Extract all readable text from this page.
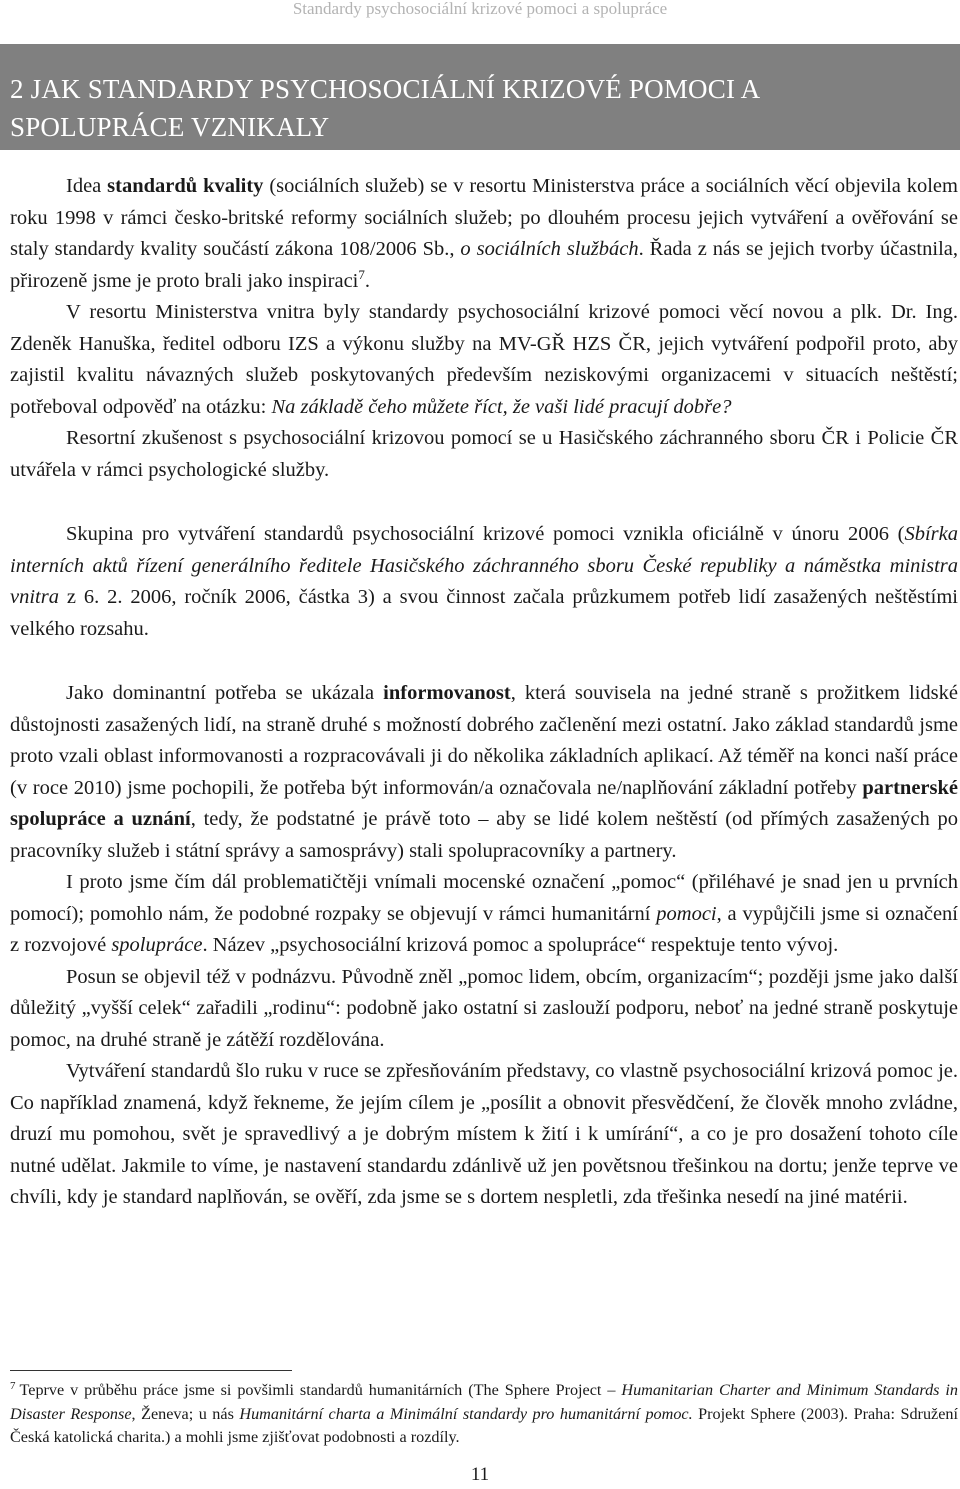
Standardy psychosociální krizové pomoci a spolupráce
2 JAK STANDARDY PSYCHOSOCIÁLNÍ KRIZOVÉ POMOCI A
SPOLUPRÁCE VZNIKALY

Idea standardů kvality (sociálních služeb) se v resortu Ministerstva práce a sociálních věcí objevila kolem roku 1998 v rámci česko-britské reformy sociálních služeb; po dlouhém procesu jejich vytváření a ověřování se staly standardy kvality součástí zákona 108/2006 Sb., o sociálních službách. Řada z nás se jejich tvorby účastnila, přirozeně jsme je proto brali jako inspiraci$^7$.

V resortu Ministerstva vnitra byly standardy psychosociální krizové pomoci věcí novou a plk. Dr. Ing. Zdeněk Hanuška, ředitel odboru IZS a výkonu služby na MV-GŘ HZS ČR, jejich vytváření podpořil proto, aby zajistil kvalitu návazných služeb poskytovaných především neziskovými organizacemi v situacích neštěstí; potřeboval odpověď na otázku: Na základě čeho můžete říct, že vaši lidé pracují dobře?

Resortní zkušenost s psychosociální krizovou pomocí se u Hasičského záchranného sboru ČR i Policie ČR utvářela v rámci psychologické služby.

Skupina pro vytváření standardů psychosociální krizové pomoci vznikla oficiálně v únoru 2006 (Sbírka interních aktů řízení generálního ředitele Hasičského záchranného sboru České republiky a náměstka ministra vnitra z 6. 2. 2006, ročník 2006, částka 3) a svou činnost začala průzkumem potřeb lidí zasažených neštěstími velkého rozsahu.

Jako dominantní potřeba se ukázala informovanost, která souvisela na jedné straně s prožitkem lidské důstojnosti zasažených lidí, na straně druhé s možností dobrého začlenění mezi ostatní. Jako základ standardů jsme proto vzali oblast informovanosti a rozpracovávali ji do několika základních aplikací. Až téměř na konci naší práce (v roce 2010) jsme pochopili, že potřeba být informován/a označovala ne/naplňování základní potřeby partnerské spolupráce a uznání, tedy, že podstatné je právě toto – aby se lidé kolem neštěstí (od přímých zasažených po pracovníky služeb i státní správy a samosprávy) stali spolupracovníky a partnery.

I proto jsme čím dál problematičtěji vnímali mocenské označení „pomoc“ (přiléhavé je snad jen u prvních pomocí); pomohlo nám, že podobné rozpaky se objevují v rámci humanitární pomoci, a vypůjčili jsme si označení z rozvojové spolupráce. Název „psychosociální krizová pomoc a spolupráce“ respektuje tento vývoj.

Posun se objevil též v podnázvu. Původně zněl „pomoc lidem, obcím, organizacím“; později jsme jako další důležitý „vyšší celek“ zařadili „rodinu“: podobně jako ostatní si zaslouží podporu, neboť na jedné straně poskytuje pomoc, na druhé straně je zátěží rozdělována.

Vytváření standardů šlo ruku v ruce se zpřesňováním představy, co vlastně psychosociální krizová pomoc je. Co například znamená, když řekneme, že jejím cílem je „posílit a obnovit přesvědčení, že člověk mnoho zvládne, druzí mu pomohou, svět je spravedlivý a je dobrým místem k žití i k umírání“, a co je pro dosažení tohoto cíle nutné udělat. Jakmile to víme, je nastavení standardu zdánlivě už jen povětsnou třešinkou na dortu; jenže teprve ve chvíli, kdy je standard naplňován, se ověří, zda jsme se s dortem nespletli, zda třešinka nesedí na jiné matérii.

$^7$ Teprve v průběhu práce jsme si povšimli standardů humanitárních (The Sphere Project – Humanitarian Charter and Minimum Standards in Disaster Response, Ženeva; u nás Humanitární charta a Minimální standardy pro humanitární pomoc. Projekt Sphere (2003). Praha: Sdružení Česká katolická charita.) a mohli jsme zjišťovat podobnosti a rozdíly.
11
